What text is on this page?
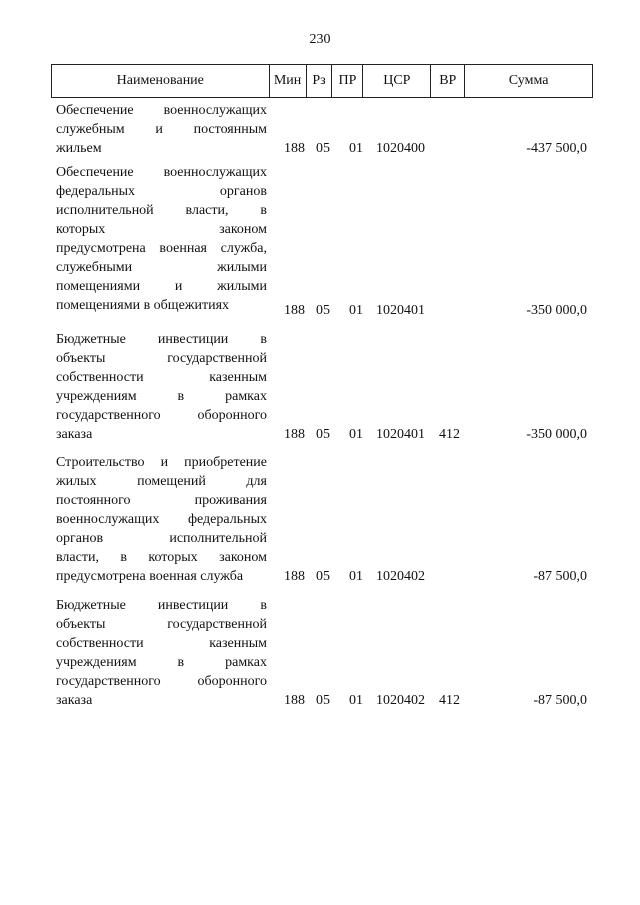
230
Наименование	Мин Рз ПР	ЦСР	ВР	Сумма
Обеспечение военнослужащих
служебным и постоянным
жильем	188 05 01 1020400	-437 500,0
Обеспечение военнослужащих
федеральных органов
исполнительной власти, в
которых законом
предусмотрена военная служба,
служебными жилыми
помещениями и жилыми
помещениями в общежитиях	188 05 01 1020401	-350 000,0
Бюджетные инвестиции в
объекты государственной
собственности казенным
учреждениям в рамках
государственного оборонного
заказа	188 05 01 1020401 412	-350 000,0
Строительство и приобретение
жилых помещений для
постоянного проживания
военнослужащих федеральных
органов исполнительной
власти, в которых законом
предусмотрена военная служба	188 05 01 1020402	-87 500,0
Бюджетные инвестиции в
объекты государственной
собственности казенным
учреждениям в рамках
государственного оборонного
заказа	188 05 01 1020402 412	-87 500,0
